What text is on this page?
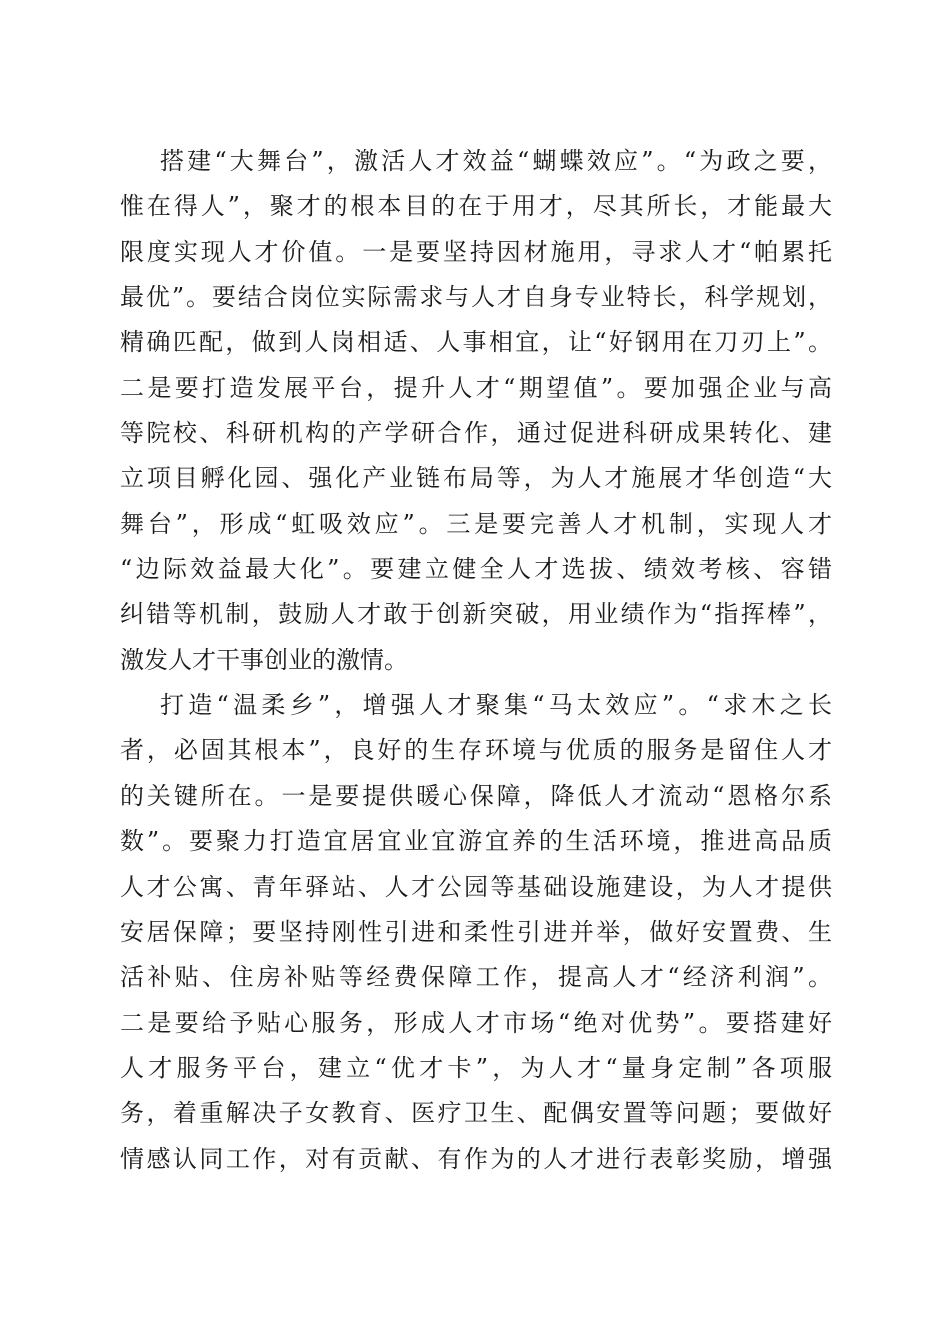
搭建“大舞台”，激活人才效益“蝴蝶效应”。“为政之要，
惟在得人”，聚才的根本目的在于用才，尽其所长，才能最大
限度实现人才价值。一是要坚持因材施用，寻求人才“帕累托
最优”。要结合岗位实际需求与人才自身专业特长，科学规划，
精确匹配，做到人岗相适、人事相宜，让“好钢用在刀刃上”。
二是要打造发展平台，提升人才“期望值”。要加强企业与高
等院校、科研机构的产学研合作，通过促进科研成果转化、建
立项目孵化园、强化产业链布局等，为人才施展才华创造“大
舞台”，形成“虹吸效应”。三是要完善人才机制，实现人才
“边际效益最大化”。要建立健全人才选拔、绩效考核、容错
纠错等机制，鼓励人才敢于创新突破，用业绩作为“指挥棒”，
激发人才干事创业的激情。
打造“温柔乡”，增强人才聚集“马太效应”。“求木之长
者，必固其根本”，良好的生存环境与优质的服务是留住人才
的关键所在。一是要提供暖心保障，降低人才流动“恩格尔系
数”。要聚力打造宜居宜业宜游宜养的生活环境，推进高品质
人才公寓、青年驿站、人才公园等基础设施建设，为人才提供
安居保障；要坚持刚性引进和柔性引进并举，做好安置费、生
活补贴、住房补贴等经费保障工作，提高人才“经济利润”。
二是要给予贴心服务，形成人才市场“绝对优势”。要搭建好
人才服务平台，建立“优才卡”，为人才“量身定制”各项服
务，着重解决子女教育、医疗卫生、配偶安置等问题；要做好
情感认同工作，对有贡献、有作为的人才进行表彰奖励，增强
